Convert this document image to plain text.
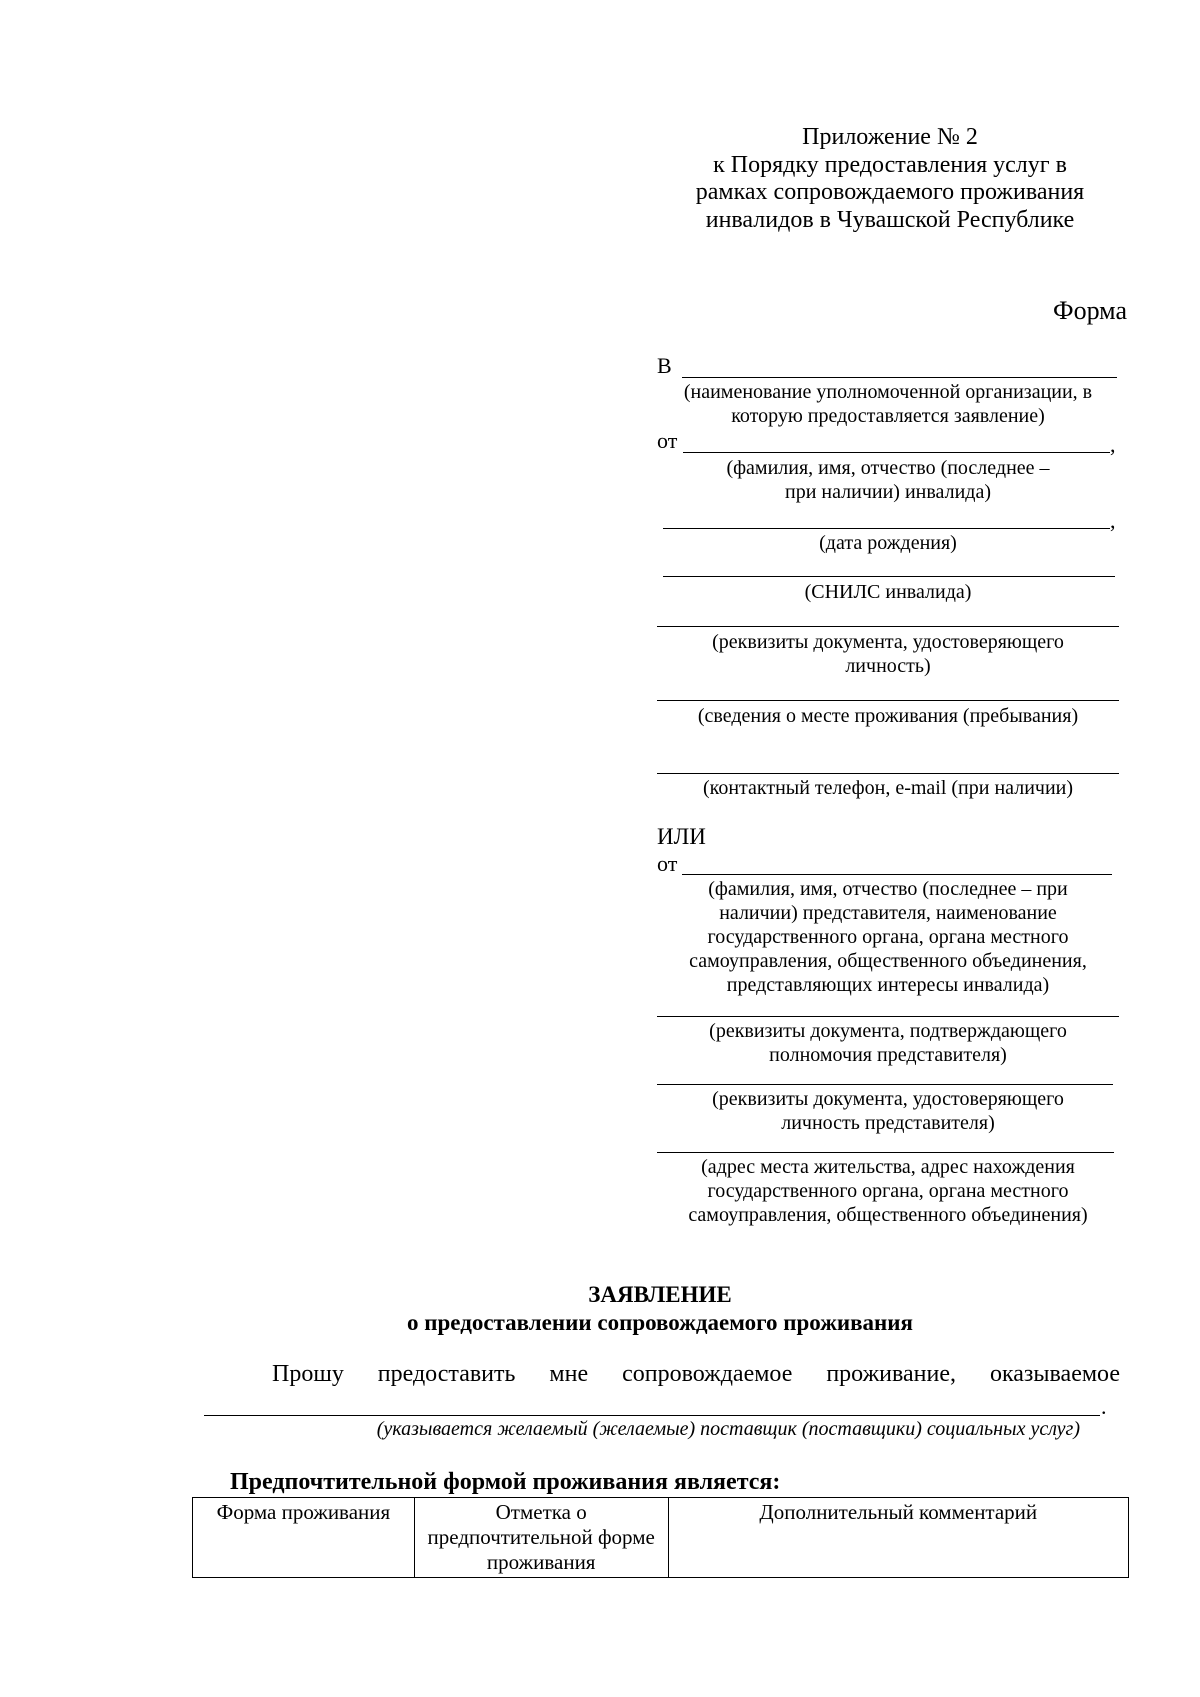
Приложение № 2
к Порядку предоставления услуг в
рамках сопровождаемого проживания
инвалидов в Чувашской Республике
Форма
В
(наименование уполномоченной организации, в
которую предоставляется заявление)
от	,
(фамилия, имя, отчество (последнее –
при наличии) инвалида)
,
(дата рождения)
(СНИЛС инвалида)
(реквизиты документа, удостоверяющего
личность)
(сведения о месте проживания (пребывания)
(контактный телефон, e-mail (при наличии)
ИЛИ
от
(фамилия, имя, отчество (последнее – при
наличии) представителя, наименование
государственного органа, органа местного
самоуправления, общественного объединения,
представляющих интересы инвалида)
(реквизиты документа, подтверждающего
полномочия представителя)
(реквизиты документа, удостоверяющего
личность представителя)
(адрес места жительства, адрес нахождения
государственного органа, органа местного
самоуправления, общественного объединения)
ЗАЯВЛЕНИЕ
о предоставлении сопровождаемого проживания
Прошу предоставить мне сопровождаемое проживание, оказываемое
.
(указывается желаемый (желаемые) поставщик (поставщики) социальных услуг)
Предпочтительной формой проживания является:
Форма проживания	Отметка о предпочтительной форме проживания	Дополнительный комментарий
